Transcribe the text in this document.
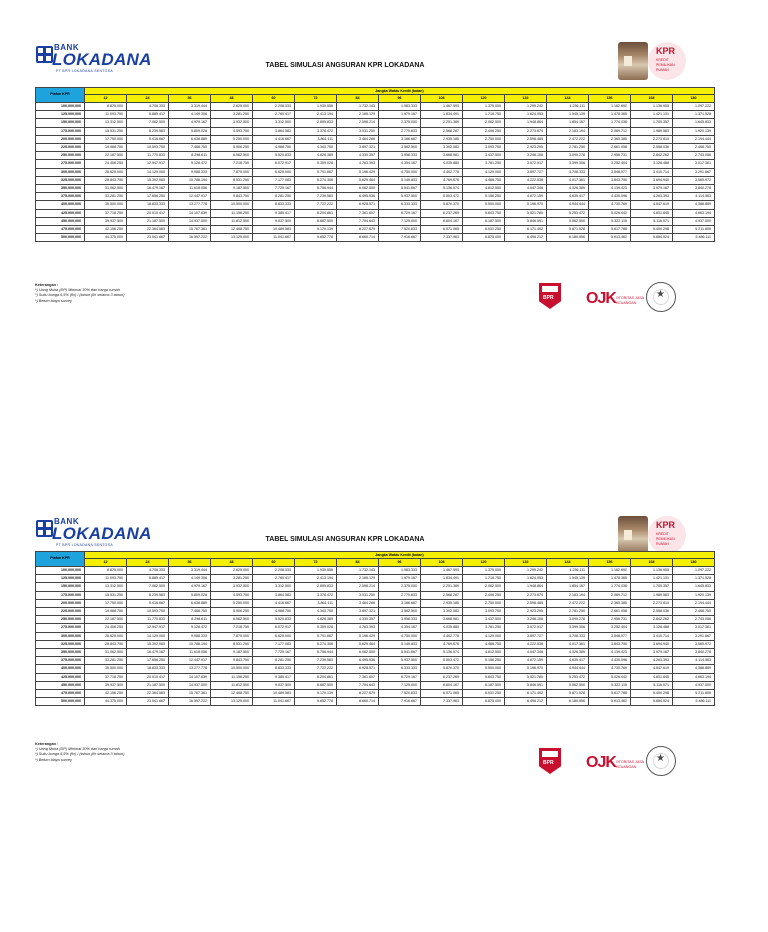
BANK
LOKADANA
PT BPR LOKADANA SENTOSA
TABEL SIMULASI ANGSURAN KPR LOKADANA
KPR
KREDIT PEMILIKAN RUMAH
Plafon KPR	Jangka Waktu Kredit (bulan)														
	12	24	36	48	60	72	84	96	108	120	132	144	156	168	180
100.000.000	8.875.000	4.708.333	3.319.444	2.625.000	2.208.333	1.930.556	1.732.143	1.583.333	1.467.593	1.375.000	1.299.242	1.236.111	1.182.692	1.136.905	1.097.222
125.000.000	11.093.750	5.885.417	4.149.306	3.281.250	2.760.417	2.413.194	2.165.179	1.979.167	1.834.491	1.718.750	1.624.053	1.545.139	1.478.365	1.421.131	1.371.528
150.000.000	13.312.500	7.062.500	4.979.167	3.937.500	3.312.500	2.895.833	2.598.214	2.375.000	2.201.389	2.062.500	1.948.864	1.854.167	1.774.038	1.705.357	1.645.833
175.000.000	15.531.250	8.239.583	5.809.028	4.593.750	3.864.583	3.378.472	3.031.250	2.770.833	2.568.287	2.406.250	2.273.674	2.163.194	2.069.712	1.989.583	1.920.139
200.000.000	17.750.000	9.416.667	6.638.889	5.250.000	4.416.667	3.861.111	3.464.286	3.166.667	2.935.185	2.750.000	2.598.485	2.472.222	2.365.385	2.273.810	2.194.444
225.000.000	19.968.750	10.593.750	7.468.750	5.906.250	4.968.750	4.343.750	3.897.321	3.562.500	3.302.083	3.093.750	2.923.295	2.781.250	2.661.058	2.558.036	2.468.750
250.000.000	22.187.500	11.770.833	8.298.611	6.562.500	5.520.833	4.826.389	4.330.357	3.958.333	3.668.981	3.437.500	3.248.106	3.090.278	2.956.731	2.842.262	2.743.056
275.000.000	24.406.250	12.947.917	9.128.472	7.218.750	6.072.917	5.309.028	4.763.393	4.354.167	4.035.880	3.781.250	3.572.917	3.399.306	3.252.404	3.126.488	3.017.361
300.000.000	26.625.000	14.125.000	9.958.333	7.875.000	6.625.000	5.791.667	5.196.429	4.750.000	4.402.778	4.125.000	3.897.727	3.708.333	3.548.077	3.410.714	3.291.667
325.000.000	28.843.750	15.302.083	10.788.194	8.531.250	7.177.083	6.274.306	5.629.464	5.145.833	4.769.676	4.468.750	4.222.538	4.017.361	3.843.750	3.694.940	3.565.972
350.000.000	31.062.500	16.479.167	11.618.056	9.187.500	7.729.167	6.756.944	6.062.500	5.541.667	5.136.574	4.812.500	4.547.348	4.326.389	4.139.423	3.979.167	3.840.278
375.000.000	33.281.250	17.656.250	12.447.917	9.843.750	8.281.250	7.239.583	6.495.536	5.937.500	5.503.472	5.156.250	4.872.159	4.635.417	4.435.096	4.263.393	4.114.583
400.000.000	35.500.000	18.833.333	13.277.778	10.500.000	8.833.333	7.722.222	6.928.571	6.333.333	5.870.370	5.500.000	5.196.970	4.944.444	4.730.769	4.547.619	4.388.889
425.000.000	37.718.750	20.010.417	14.107.639	11.156.250	9.385.417	8.204.861	7.361.607	6.729.167	6.237.269	5.843.750	5.521.780	5.253.472	5.026.442	4.831.845	4.663.194
450.000.000	39.937.500	21.187.500	14.937.500	11.812.500	9.937.500	8.687.500	7.794.643	7.125.000	6.604.167	6.187.500	5.846.591	5.562.500	5.322.115	5.116.071	4.937.500
475.000.000	42.156.250	22.364.583	15.767.361	12.468.750	10.489.583	9.170.139	8.227.679	7.520.833	6.971.065	6.531.250	6.171.402	5.871.528	5.617.788	5.400.298	5.211.806
500.000.000	44.375.000	23.541.667	16.597.222	13.125.000	11.041.667	9.652.778	8.660.714	7.916.667	7.337.963	6.875.000	6.496.212	6.180.556	5.913.462	5.684.524	5.486.111
Keterangan :
*) Uang Muka (DP) Minimal 30% dari harga rumah
*) Suku bunga 6,5% (fix) / (tahun (fix selama 3 tahun)
*) Belum biaya survey	BPR OJK OTORITAS JASA KEUANGAN
★
BANK
LOKADANA
PT BPR LOKADANA SENTOSA
TABEL SIMULASI ANGSURAN KPR LOKADANA
KPR
KREDIT PEMILIKAN RUMAH
Plafon KPR	Jangka Waktu Kredit (bulan)														
	12	24	36	48	60	72	84	96	108	120	132	144	156	168	180
100.000.000	8.875.000	4.708.333	3.319.444	2.625.000	2.208.333	1.930.556	1.732.143	1.583.333	1.467.593	1.375.000	1.299.242	1.236.111	1.182.692	1.136.905	1.097.222
125.000.000	11.093.750	5.885.417	4.149.306	3.281.250	2.760.417	2.413.194	2.165.179	1.979.167	1.834.491	1.718.750	1.624.053	1.545.139	1.478.365	1.421.131	1.371.528
150.000.000	13.312.500	7.062.500	4.979.167	3.937.500	3.312.500	2.895.833	2.598.214	2.375.000	2.201.389	2.062.500	1.948.864	1.854.167	1.774.038	1.705.357	1.645.833
175.000.000	15.531.250	8.239.583	5.809.028	4.593.750	3.864.583	3.378.472	3.031.250	2.770.833	2.568.287	2.406.250	2.273.674	2.163.194	2.069.712	1.989.583	1.920.139
200.000.000	17.750.000	9.416.667	6.638.889	5.250.000	4.416.667	3.861.111	3.464.286	3.166.667	2.935.185	2.750.000	2.598.485	2.472.222	2.365.385	2.273.810	2.194.444
225.000.000	19.968.750	10.593.750	7.468.750	5.906.250	4.968.750	4.343.750	3.897.321	3.562.500	3.302.083	3.093.750	2.923.295	2.781.250	2.661.058	2.558.036	2.468.750
250.000.000	22.187.500	11.770.833	8.298.611	6.562.500	5.520.833	4.826.389	4.330.357	3.958.333	3.668.981	3.437.500	3.248.106	3.090.278	2.956.731	2.842.262	2.743.056
275.000.000	24.406.250	12.947.917	9.128.472	7.218.750	6.072.917	5.309.028	4.763.393	4.354.167	4.035.880	3.781.250	3.572.917	3.399.306	3.252.404	3.126.488	3.017.361
300.000.000	26.625.000	14.125.000	9.958.333	7.875.000	6.625.000	5.791.667	5.196.429	4.750.000	4.402.778	4.125.000	3.897.727	3.708.333	3.548.077	3.410.714	3.291.667
325.000.000	28.843.750	15.302.083	10.788.194	8.531.250	7.177.083	6.274.306	5.629.464	5.145.833	4.769.676	4.468.750	4.222.538	4.017.361	3.843.750	3.694.940	3.565.972
350.000.000	31.062.500	16.479.167	11.618.056	9.187.500	7.729.167	6.756.944	6.062.500	5.541.667	5.136.574	4.812.500	4.547.348	4.326.389	4.139.423	3.979.167	3.840.278
375.000.000	33.281.250	17.656.250	12.447.917	9.843.750	8.281.250	7.239.583	6.495.536	5.937.500	5.503.472	5.156.250	4.872.159	4.635.417	4.435.096	4.263.393	4.114.583
400.000.000	35.500.000	18.833.333	13.277.778	10.500.000	8.833.333	7.722.222	6.928.571	6.333.333	5.870.370	5.500.000	5.196.970	4.944.444	4.730.769	4.547.619	4.388.889
425.000.000	37.718.750	20.010.417	14.107.639	11.156.250	9.385.417	8.204.861	7.361.607	6.729.167	6.237.269	5.843.750	5.521.780	5.253.472	5.026.442	4.831.845	4.663.194
450.000.000	39.937.500	21.187.500	14.937.500	11.812.500	9.937.500	8.687.500	7.794.643	7.125.000	6.604.167	6.187.500	5.846.591	5.562.500	5.322.115	5.116.071	4.937.500
475.000.000	42.156.250	22.364.583	15.767.361	12.468.750	10.489.583	9.170.139	8.227.679	7.520.833	6.971.065	6.531.250	6.171.402	5.871.528	5.617.788	5.400.298	5.211.806
500.000.000	44.375.000	23.541.667	16.597.222	13.125.000	11.041.667	9.652.778	8.660.714	7.916.667	7.337.963	6.875.000	6.496.212	6.180.556	5.913.462	5.684.524	5.486.111
Keterangan :
*) Uang Muka (DP) Minimal 30% dari harga rumah
*) Suku bunga 6,5% (fix) / (tahun (fix selama 3 tahun)
*) Belum biaya survey
BPR OJK OTORITAS JASA KEUANGAN
★
